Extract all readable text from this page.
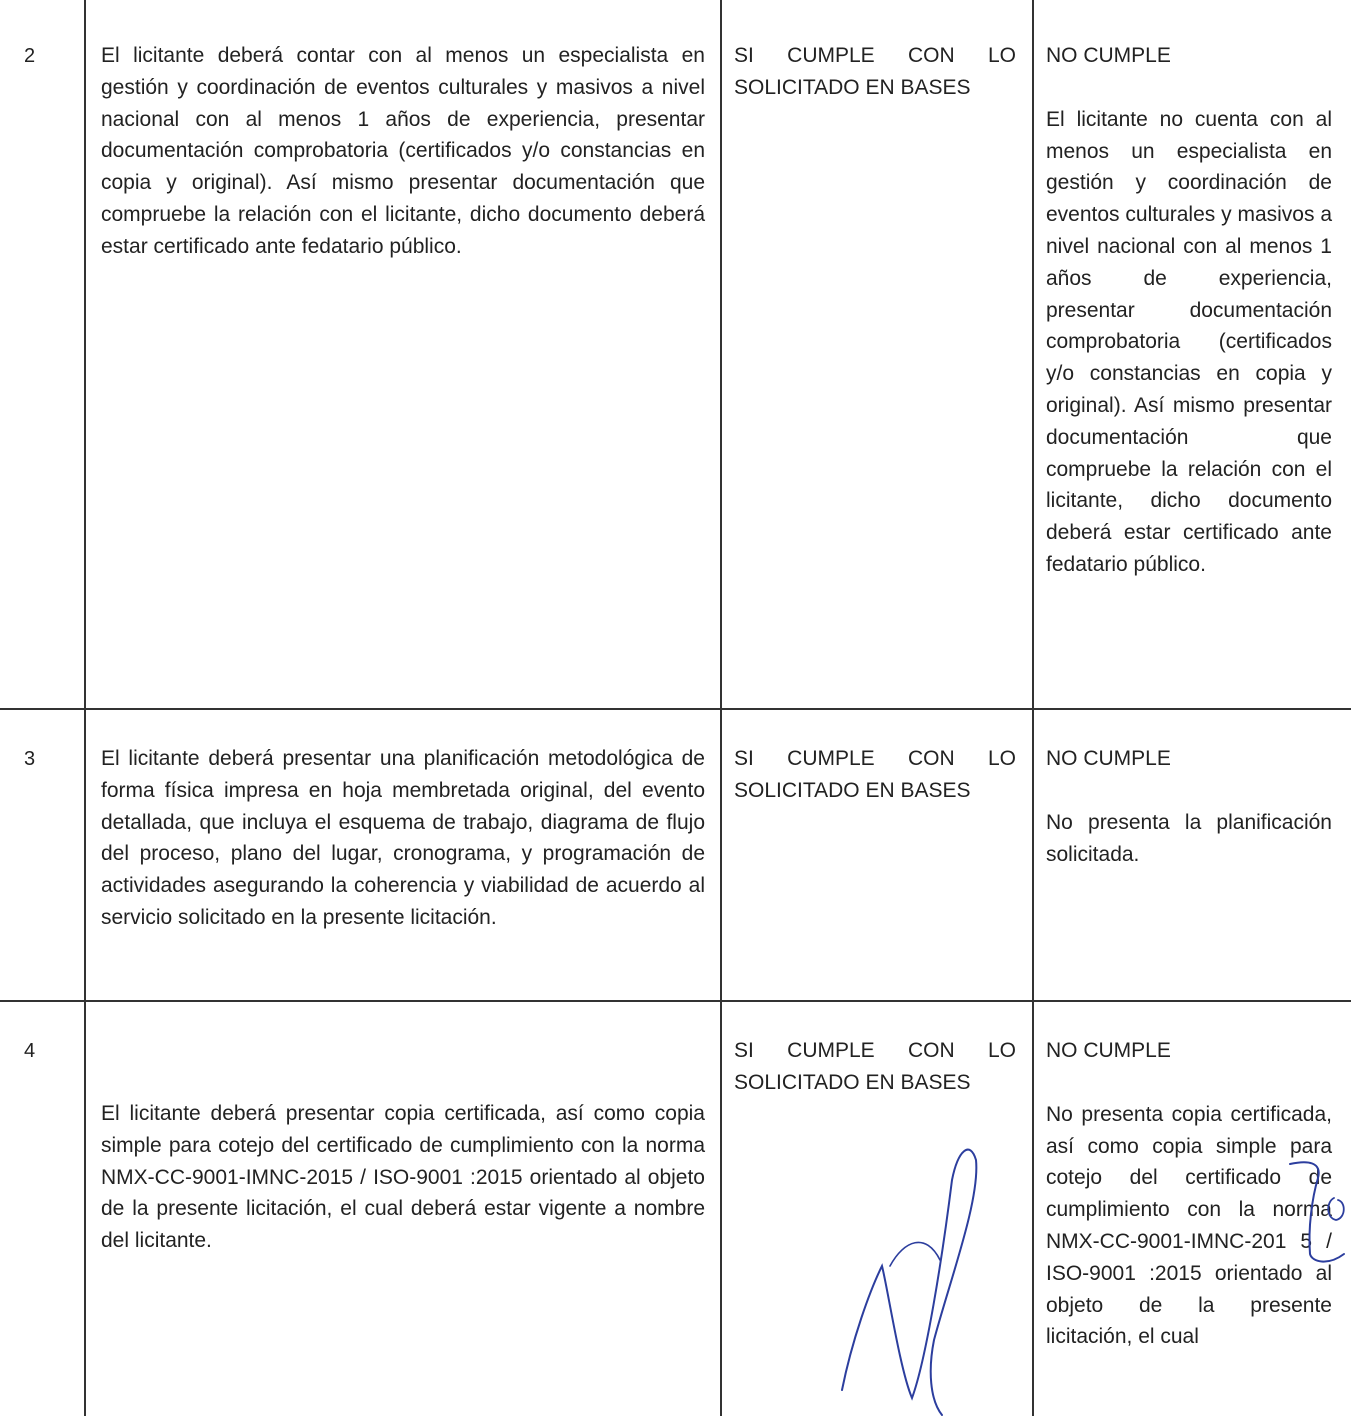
2	El licitante deberá contar con al menos un especialista en gestión y coordinación de eventos culturales y masivos a nivel nacional con al menos 1 años de experiencia, presentar documentación comprobatoria (certificados y/o constancias en copia y original). Así mismo presentar documentación que compruebe la relación con el licitante, dicho documento deberá estar certificado ante fedatario público.
SI CUMPLE CON LO SOLICITADO EN BASES

NO CUMPLE

El licitante no cuenta con al menos un especialista en gestión y coordinación de eventos culturales y masivos a nivel nacional con al menos 1 años de experiencia, presentar documentación comprobatoria (certificados y/o constancias en copia y original). Así mismo presentar documentación que compruebe la relación con el licitante, dicho documento deberá estar certificado ante fedatario público.

3	El licitante deberá presentar una planificación metodológica de forma física impresa en hoja membretada original, del evento detallada, que incluya el esquema de trabajo, diagrama de flujo del proceso, plano del lugar, cronograma, y programación de actividades asegurando la coherencia y viabilidad de acuerdo al servicio solicitado en la presente licitación.
SI CUMPLE CON LO SOLICITADO EN BASES

NO CUMPLE

No presenta la planificación solicitada.

4
El licitante deberá presentar copia certificada, así como copia simple para cotejo del certificado de cumplimiento con la norma NMX-CC-9001-IMNC-2015 / ISO-9001 :2015 orientado al objeto de la presente licitación, el cual deberá estar vigente a nombre del licitante.
SI CUMPLE CON LO SOLICITADO EN BASES

NO CUMPLE

No presenta copia certificada, así como copia simple para cotejo del certificado de cumplimiento con la norma NMX-CC-9001-IMNC-201 5 / ISO-9001 :2015 orientado al objeto de la presente licitación, el cual
